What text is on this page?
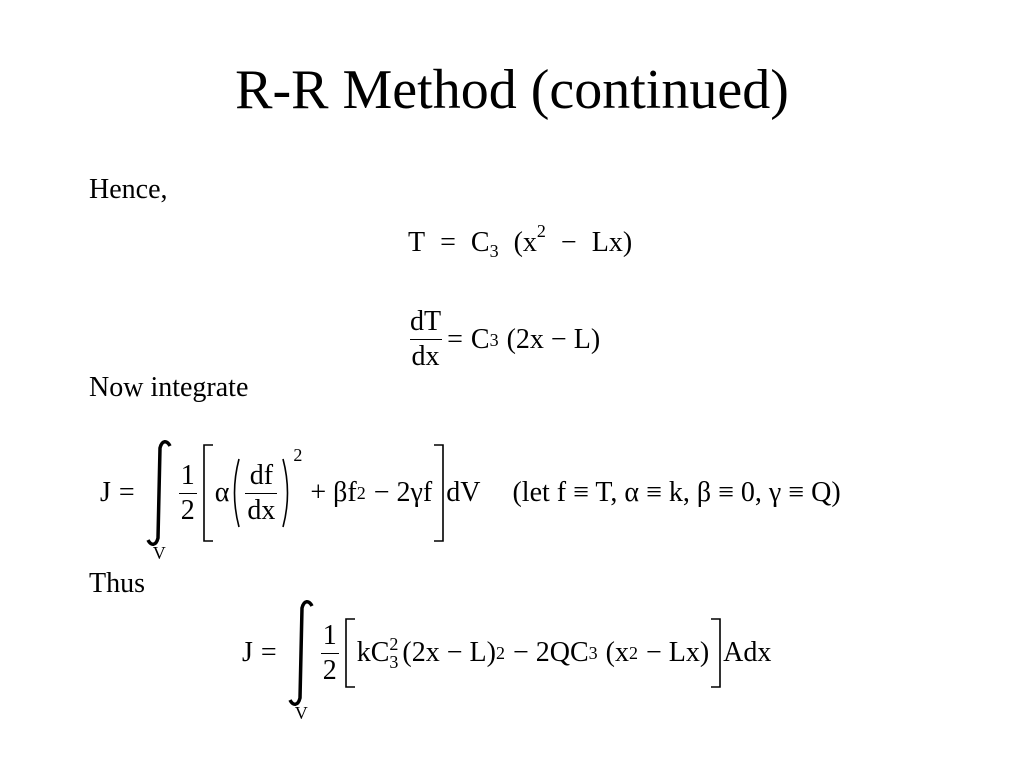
R-R Method (continued)
Hence,
$T = C_3$ $(x^2 - Lx)$
$\frac{dT}{dx} = C$ 3 (2x − L)
Now integrate
J =
V
$\frac{1}{2}$ α $\frac{df}{dx}$
$^2$
+ βf 2 − 2γf dV (let f ≡ T, α ≡ k, β ≡ 0, γ ≡ Q)
Thus
J =
V
$\frac{1}{2}$ kC 2
3 (2x − L) 2 − 2QC 3 (x 2 − Lx) Adx
